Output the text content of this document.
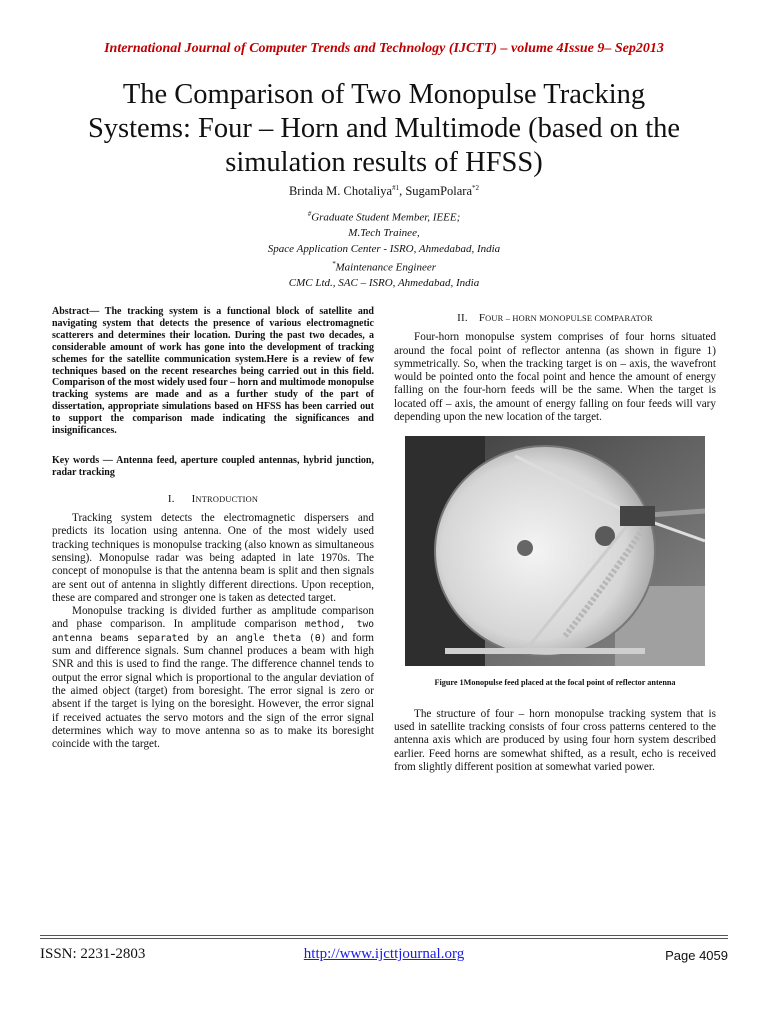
International Journal of Computer Trends and Technology (IJCTT) – volume 4Issue 9– Sep2013
The Comparison of Two Monopulse Tracking
Systems: Four – Horn and Multimode (based on the
simulation results of HFSS)
Brinda M. Chotaliya$^{\#1}$, SugamPolara$^{*2}$
#Graduate Student Member, IEEE;
M.Tech Trainee,
Space Application Center - ISRO, Ahmedabad, India
*Maintenance Engineer
CMC Ltd., SAC – ISRO, Ahmedabad, India

Abstract— The tracking system is a functional block of satellite and navigating system that detects the presence of various electromagnetic scatterers and determines their location. During the past two decades, a considerable amount of work has gone into the development of tracking schemes for the satellite communication system.Here is a review of few techniques based on the recent researches being carried out in this field. Comparison of the most widely used four – horn and multimode monopulse tracking systems are made and as a further study of the part of dissertation, appropriate simulations based on HFSS has been carried out to support the comparison made indicating the significances and insignificances.

Key words — Antenna feed, aperture coupled antennas, hybrid junction, radar tracking

I. INTRODUCTION

Tracking system detects the electromagnetic dispersers and predicts its location using antenna. One of the most widely used tracking techniques is monopulse tracking (also known as simultaneous sensing). Monopulse radar was being adapted in late 1970s. The concept of monopulse is that the antenna beam is split and then signals are sent out of antenna in slightly different directions. Upon reception, these are compared and stronger one is taken as detected target.

Monopulse tracking is divided further as amplitude comparison and phase comparison. In amplitude comparison method, two antenna beams separated by an angle theta (θ) and form sum and difference signals. Sum channel produces a beam with high SNR and this is used to find the range. The difference channel tends to output the error signal which is proportional to the angular deviation of the aimed object (target) from boresight. The error signal is zero or absent if the target is lying on the boresight. However, the error signal if received actuates the servo motors and the sign of the error signal determines which way to move antenna so as to make its boresight coincide with the target.

II. FOUR – HORN MONOPULSE COMPARATOR

Four-horn monopulse system comprises of four horns situated around the focal point of reflector antenna (as shown in figure 1) symmetrically. So, when the tracking target is on – axis, the wavefront would be pointed onto the focal point and hence the amount of energy falling on the four-horn feeds will be the same. When the target is located off – axis, the amount of energy falling on four feeds will vary depending upon the new location of the target.

Figure 1Monopulse feed placed at the focal point of reflector antenna

The structure of four – horn monopulse tracking system that is used in satellite tracking consists of four cross patterns centered to the antenna axis which are produced by using four horn system described earlier. Feed horns are somewhat shifted, as a result, echo is received from slightly different position at somewhat varied power.

ISSN: 2231-2803	http://www.ijcttjournal.org	Page 4059
